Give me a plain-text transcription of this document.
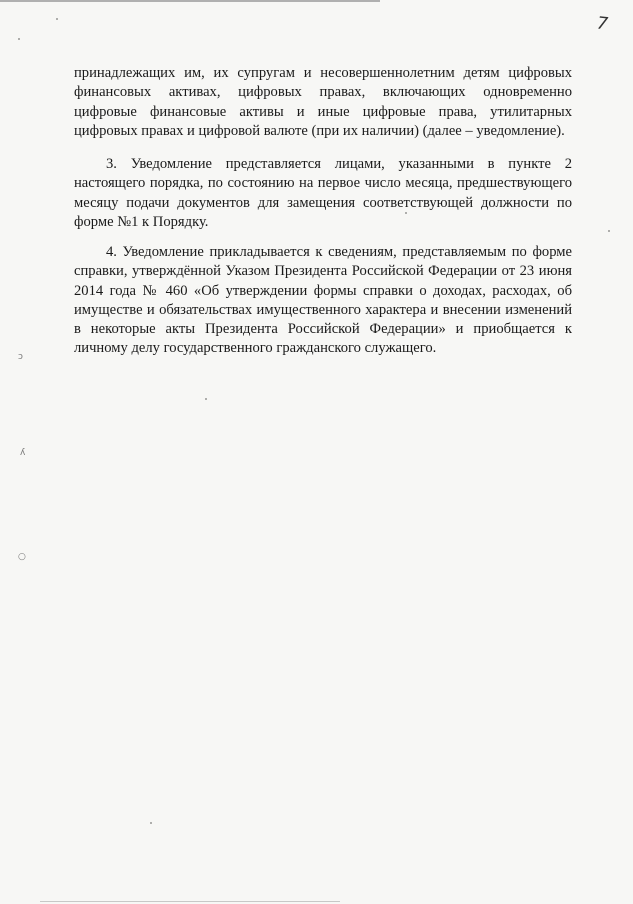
7
принадлежащих им, их супругам и несовершеннолетним детям цифровых
финансовых активах, цифровых правах, включающих одновременно
цифровые финансовые активы и иные цифровые права, утилитарных
цифровых правах и цифровой валюте (при их наличии) (далее – уведомление).
3. Уведомление представляется лицами, указанными в пункте 2
настоящего порядка, по состоянию на первое число месяца, предшествующего
месяцу подачи документов для замещения соответствующей должности по
форме №1 к Порядку.
4. Уведомление прикладывается к сведениям, представляемым по форме
справки, утверждённой Указом Президента Российской Федерации от 23 июня
2014 года № 460 «Об утверждении формы справки о доходах, расходах, об
имуществе и обязательствах имущественного характера и внесении изменений
в некоторые акты Президента Российской Федерации» и приобщается к
личному делу государственного гражданского служащего.
ↄ
ʎ
○
